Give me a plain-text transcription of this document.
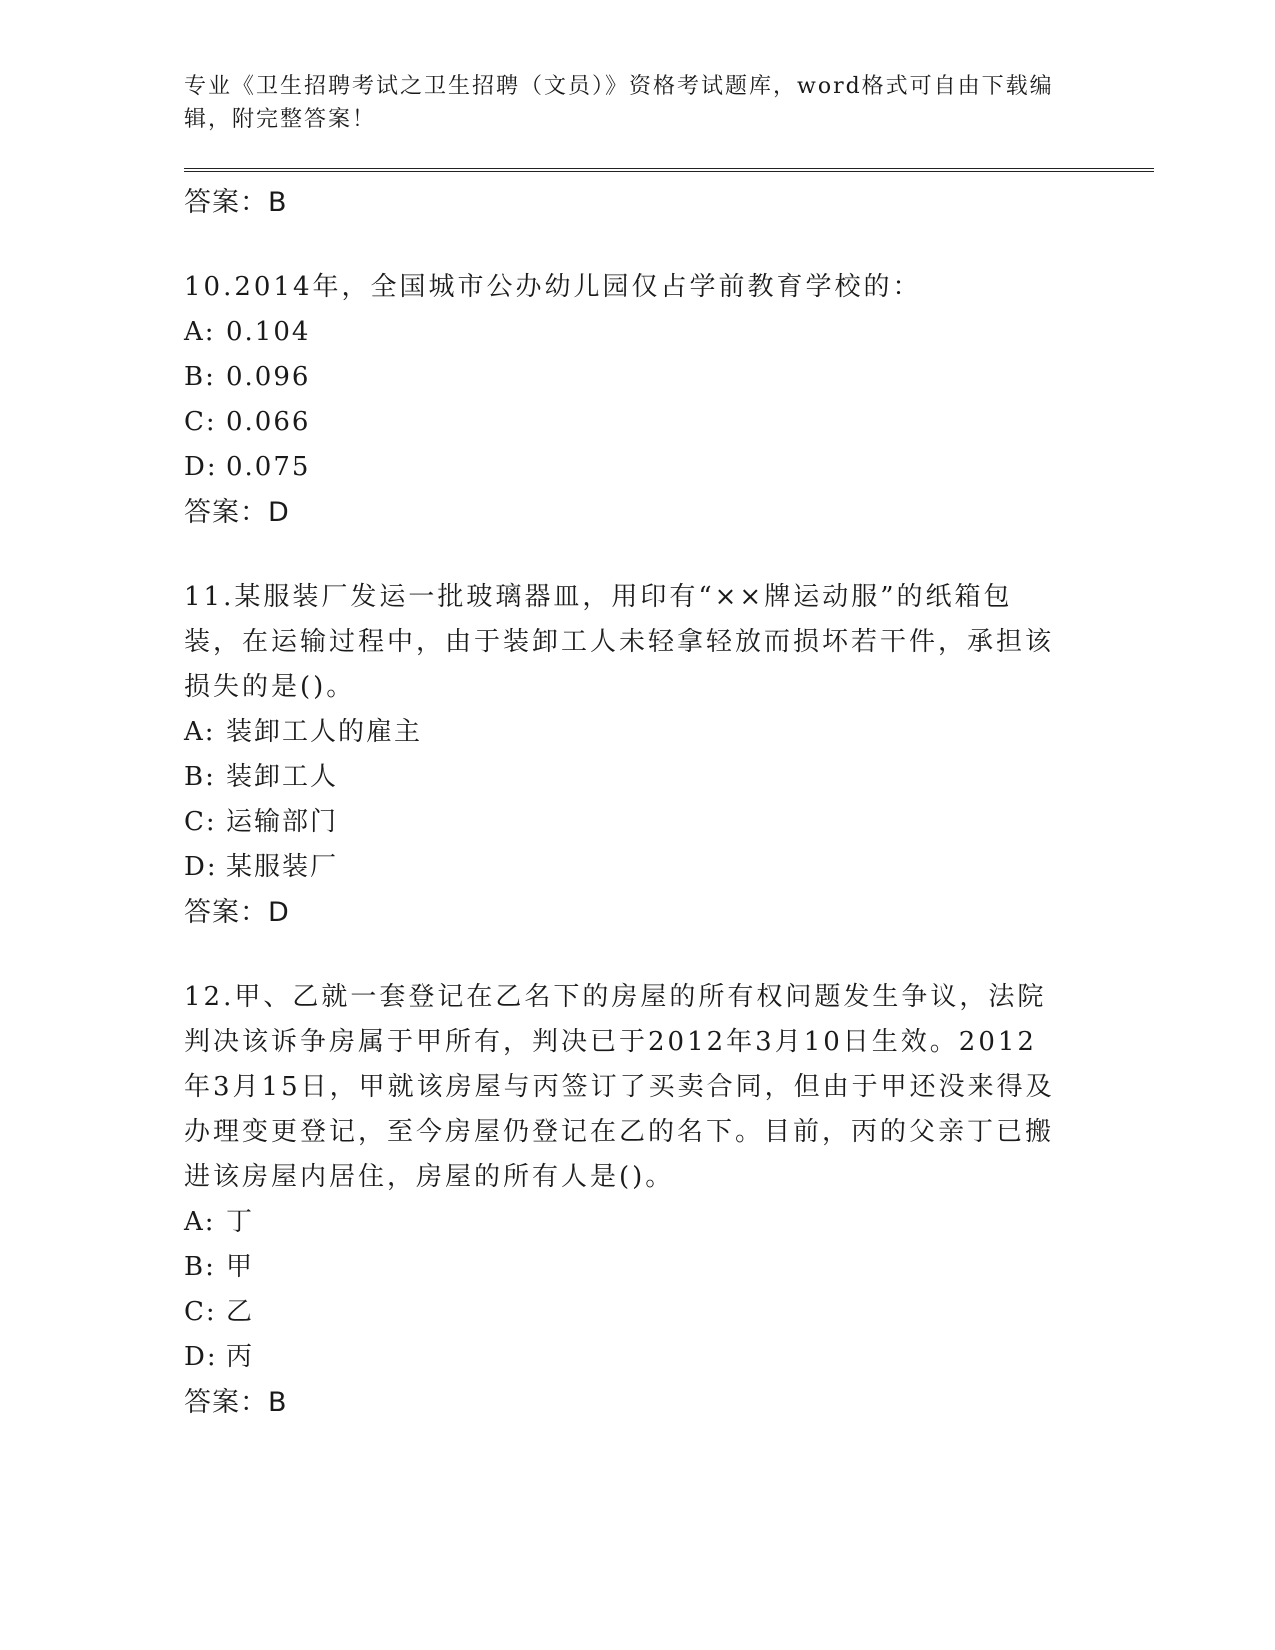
专业《卫生招聘考试之卫生招聘（文员）》资格考试题库，word格式可自由下载编辑，附完整答案！

答案：B

10.2014年，全国城市公办幼儿园仅占学前教育学校的：

A: 0.104

B: 0.096

C: 0.066

D: 0.075

答案：D

11.某服装厂发运一批玻璃器皿，用印有“××牌运动服”的纸箱包装，在运输过程中，由于装卸工人未轻拿轻放而损坏若干件，承担该损失的是()。

A: 装卸工人的雇主

B: 装卸工人

C: 运输部门

D: 某服装厂

答案：D

12.甲、乙就一套登记在乙名下的房屋的所有权问题发生争议，法院判决该诉争房属于甲所有，判决已于2012年3月10日生效。2012年3月15日，甲就该房屋与丙签订了买卖合同，但由于甲还没来得及办理变更登记，至今房屋仍登记在乙的名下。目前，丙的父亲丁已搬进该房屋内居住，房屋的所有人是()。

A: 丁

B: 甲

C: 乙

D: 丙

答案：B
